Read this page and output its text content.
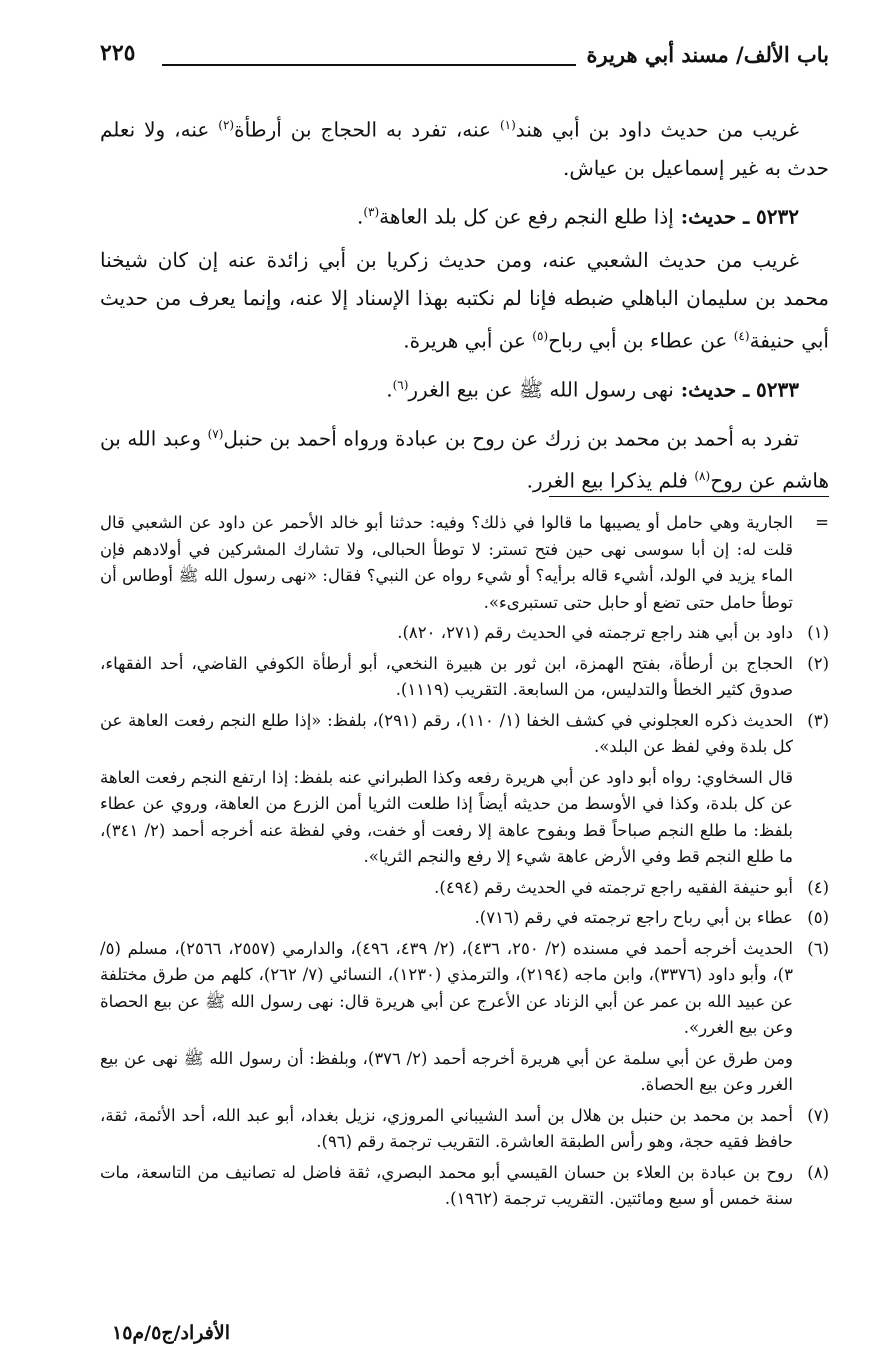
باب الألف/ مسند أبي هريرة
٢٢٥

غريب من حديث داود بن أبي هند$^{(١)}$ عنه، تفرد به الحجاج بن أرطأة$^{(٢)}$ عنه، ولا نعلم حدث به غير إسماعيل بن عياش.

٥٢٣٢ ـ حديث: إذا طلع النجم رفع عن كل بلد العاهة$^{(٣)}$.

غريب من حديث الشعبي عنه، ومن حديث زكريا بن أبي زائدة عنه إن كان شيخنا محمد بن سليمان الباهلي ضبطه فإنا لم نكتبه بهذا الإسناد إلا عنه، وإنما يعرف من حديث أبي حنيفة$^{(٤)}$ عن عطاء بن أبي رباح$^{(٥)}$ عن أبي هريرة.

٥٢٣٣ ـ حديث: نهى رسول الله ﷺ عن بيع الغرر$^{(٦)}$.

تفرد به أحمد بن محمد بن زرك عن روح بن عبادة ورواه أحمد بن حنبل$^{(٧)}$ وعبد الله بن هاشم عن روح$^{(٨)}$ فلم يذكرا بيع الغرر.

=
الجارية وهي حامل أو يصيبها ما قالوا في ذلك؟ وفيه: حدثنا أبو خالد الأحمر عن داود عن الشعبي قال قلت له: إن أبا سوسى نهى حين فتح تستر: لا توطأ الحبالى، ولا تشارك المشركين في أولادهم فإن الماء يزيد في الولد، أشيء قاله برأيه؟ أو شيء رواه عن النبي؟ فقال: «نهى رسول الله ﷺ أوطاس أن توطأ حامل حتى تضع أو حابل حتى تستبرىء».
(١)
داود بن أبي هند راجع ترجمته في الحديث رقم (٢٧١، ٨٢٠).
(٢)
الحجاج بن أرطأة، بفتح الهمزة، ابن ثور بن هبيرة النخعي، أبو أرطأة الكوفي القاضي، أحد الفقهاء، صدوق كثير الخطأ والتدليس، من السابعة. التقريب (١١١٩).
(٣)
الحديث ذكره العجلوني في كشف الخفا (١/ ١١٠)، رقم (٢٩١)، بلفظ: «إذا طلع النجم رفعت العاهة عن كل بلدة وفي لفظ عن البلد».
قال السخاوي: رواه أبو داود عن أبي هريرة رفعه وكذا الطبراني عنه بلفظ: إذا ارتفع النجم رفعت العاهة عن كل بلدة، وكذا في الأوسط من حديثه أيضاً إذا طلعت الثريا أمن الزرع من العاهة، وروي عن عطاء بلفظ: ما طلع النجم صباحاً قط وبفوح عاهة إلا رفعت أو خفت، وفي لفظة عنه أخرجه أحمد (٢/ ٣٤١)، ما طلع النجم قط وفي الأرض عاهة شيء إلا رفع والنجم الثريا».
(٤)
أبو حنيفة الفقيه راجع ترجمته في الحديث رقم (٤٩٤).
(٥)
عطاء بن أبي رباح راجع ترجمته في رقم (٧١٦).
(٦)
الحديث أخرجه أحمد في مسنده (٢/ ٢٥٠، ٤٣٦)، (٢/ ٤٣٩، ٤٩٦)، والدارمي (٢٥٥٧، ٢٥٦٦)، مسلم (٥/ ٣)، وأبو داود (٣٣٧٦)، وابن ماجه (٢١٩٤)، والترمذي (١٢٣٠)، النسائي (٧/ ٢٦٢)، كلهم من طرق مختلفة عن عبيد الله بن عمر عن أبي الزناد عن الأعرج عن أبي هريرة قال: نهى رسول الله ﷺ عن بيع الحصاة وعن بيع الغرر».
ومن طرق عن أبي سلمة عن أبي هريرة أخرجه أحمد (٢/ ٣٧٦)، وبلفظ: أن رسول الله ﷺ نهى عن بيع الغرر وعن بيع الحصاة.
(٧)
أحمد بن محمد بن حنبل بن هلال بن أسد الشيباني المروزي، نزيل بغداد، أبو عبد الله، أحد الأئمة، ثقة، حافظ فقيه حجة، وهو رأس الطبقة العاشرة. التقريب ترجمة رقم (٩٦).
(٨)
روح بن عبادة بن العلاء بن حسان القيسي أبو محمد البصري، ثقة فاضل له تصانيف من التاسعة، مات سنة خمس أو سبع ومائتين. التقريب ترجمة (١٩٦٢).
الأفراد/ج٥/م١٥
